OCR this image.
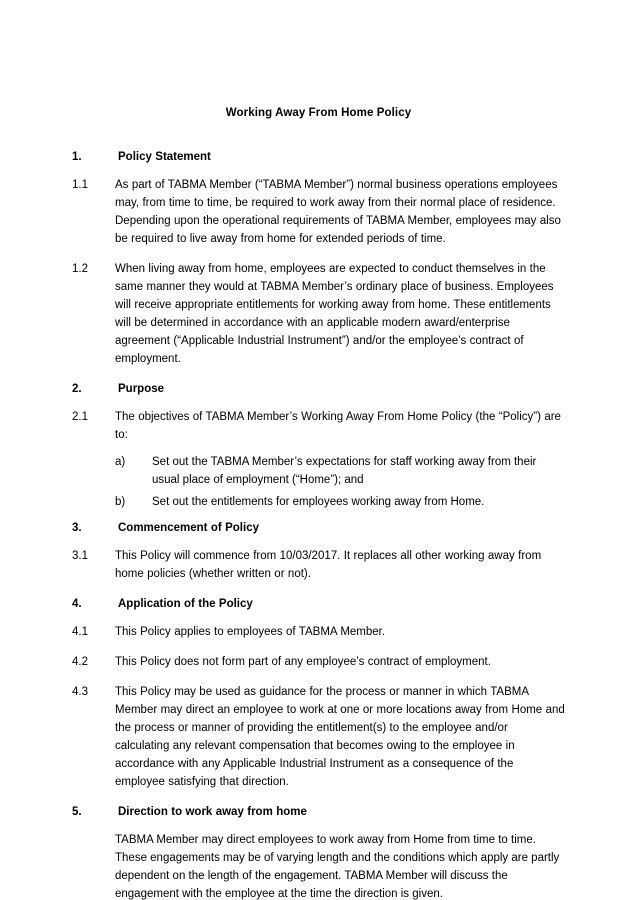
Working Away From Home Policy
1.	Policy Statement
1.1	As part of TABMA Member (“TABMA Member”) normal business operations employees may, from time to time, be required to work away from their normal place of residence. Depending upon the operational requirements of TABMA Member, employees may also be required to live away from home for extended periods of time.
1.2	When living away from home, employees are expected to conduct themselves in the same manner they would at TABMA Member’s ordinary place of business. Employees will receive appropriate entitlements for working away from home. These entitlements will be determined in accordance with an applicable modern award/enterprise agreement (“Applicable Industrial Instrument”) and/or the employee’s contract of employment.
2.	Purpose
2.1	The objectives of TABMA Member’s Working Away From Home Policy (the “Policy”) are to:
a)	Set out the TABMA Member’s expectations for staff working away from their usual place of employment (“Home”); and
b)	Set out the entitlements for employees working away from Home.
3.	Commencement of Policy
3.1	This Policy will commence from 10/03/2017. It replaces all other working away from home policies (whether written or not).
4.	Application of the Policy
4.1	This Policy applies to employees of TABMA Member.
4.2	This Policy does not form part of any employee’s contract of employment.
4.3	This Policy may be used as guidance for the process or manner in which TABMA Member may direct an employee to work at one or more locations away from Home and the process or manner of providing the entitlement(s) to the employee and/or calculating any relevant compensation that becomes owing to the employee in accordance with any Applicable Industrial Instrument as a consequence of the employee satisfying that direction.
5.	Direction to work away from home
TABMA Member may direct employees to work away from Home from time to time. These engagements may be of varying length and the conditions which apply are partly dependent on the length of the engagement. TABMA Member will discuss the engagement with the employee at the time the direction is given.
